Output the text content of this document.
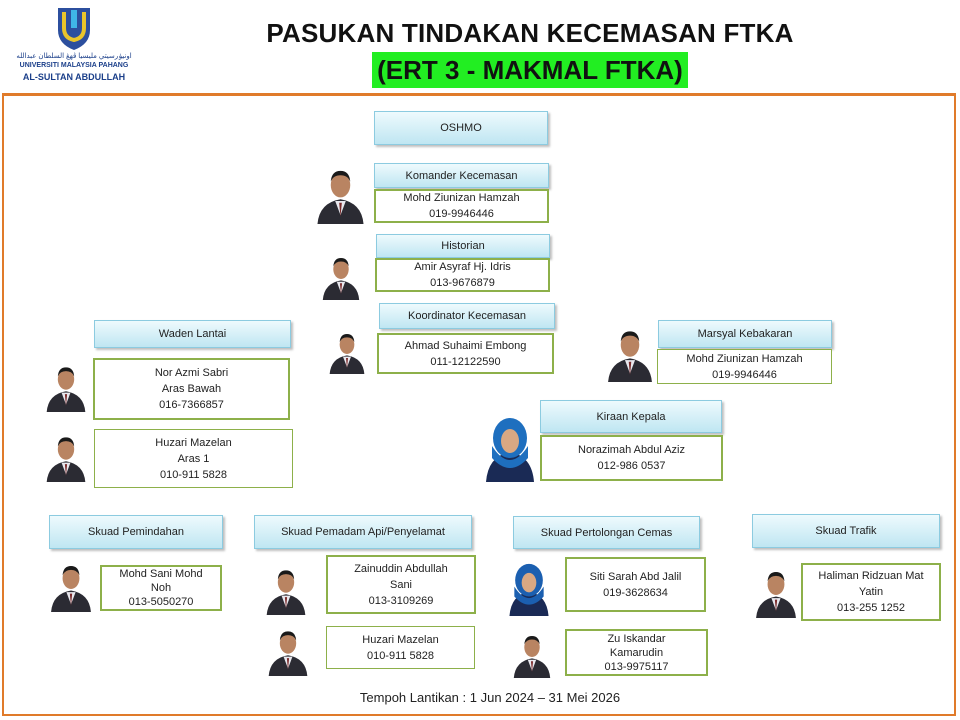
اونيۏرسيتي مليسيا ڤهڠ السلطان عبدالله
UNIVERSITI MALAYSIA PAHANG
AL-SULTAN ABDULLAH
PASUKAN TINDAKAN KECEMASAN FTKA
(ERT 3 - MAKMAL FTKA)
OSHMO
Komander Kecemasan
Mohd Ziunizan Hamzah
019-9946446
Historian
Amir Asyraf Hj. Idris
013-9676879
Koordinator Kecemasan
Ahmad Suhaimi Embong
011-12122590
Marsyal Kebakaran
Mohd Ziunizan Hamzah
019-9946446
Kiraan Kepala
Norazimah Abdul Aziz
012-986 0537
Waden Lantai
Nor Azmi Sabri
Aras Bawah
016-7366857
Huzari Mazelan
Aras 1
010-911 5828
Skuad Pemindahan
Mohd Sani Mohd
Noh
013-5050270
Skuad Pemadam Api/Penyelamat
Zainuddin Abdullah
Sani
013-3109269
Huzari Mazelan
010-911 5828
Skuad Pertolongan Cemas
Siti Sarah Abd Jalil
019-3628634
Zu Iskandar
Kamarudin
013-9975117
Skuad Trafik
Haliman Ridzuan Mat
Yatin
013-255 1252
Tempoh Lantikan : 1 Jun 2024 – 31 Mei 2026
